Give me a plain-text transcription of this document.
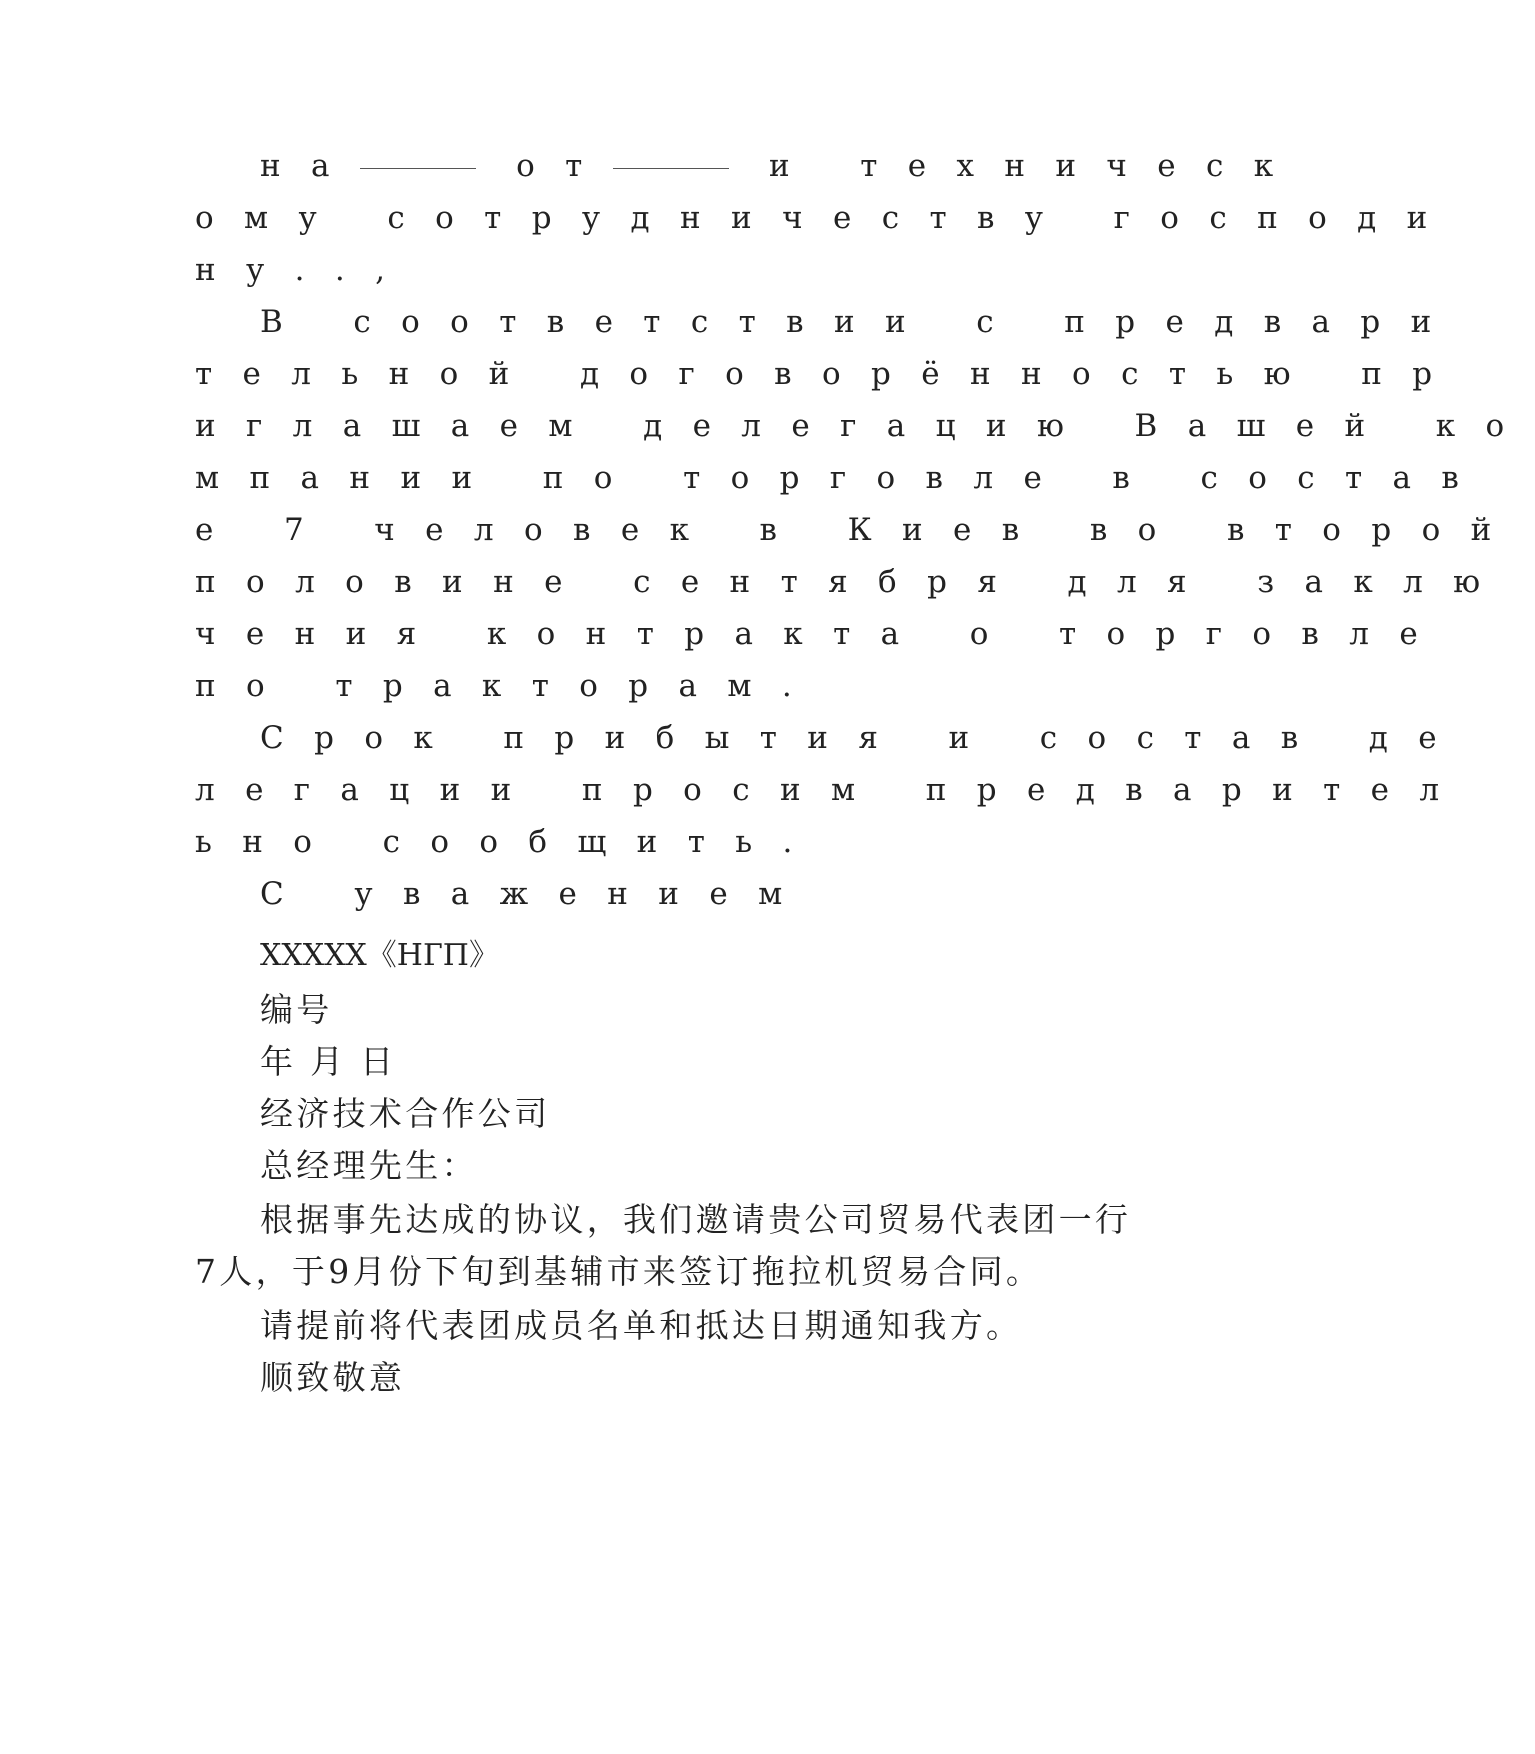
на	от	и техническ
ому сотрудничеству господи
ну..,
В соответствии с предвари
тельной договорённостью пр
иглашаем делегацию Вашей ко
мпании по торговле в состав
е 7 человек в Киев во второй
половине сентября для заклю
чения контракта о торговле
по тракторам.
Срок прибытия и состав де
легации просим предварител
ьно сообщить.
С уважением
XXXXX《НГП》
编号
年 月 日
经济技术合作公司
总经理先生：
根据事先达成的协议，我们邀请贵公司贸易代表团一行
7人，于9月份下旬到基辅市来签订拖拉机贸易合同。
请提前将代表团成员名单和抵达日期通知我方。
顺致敬意
